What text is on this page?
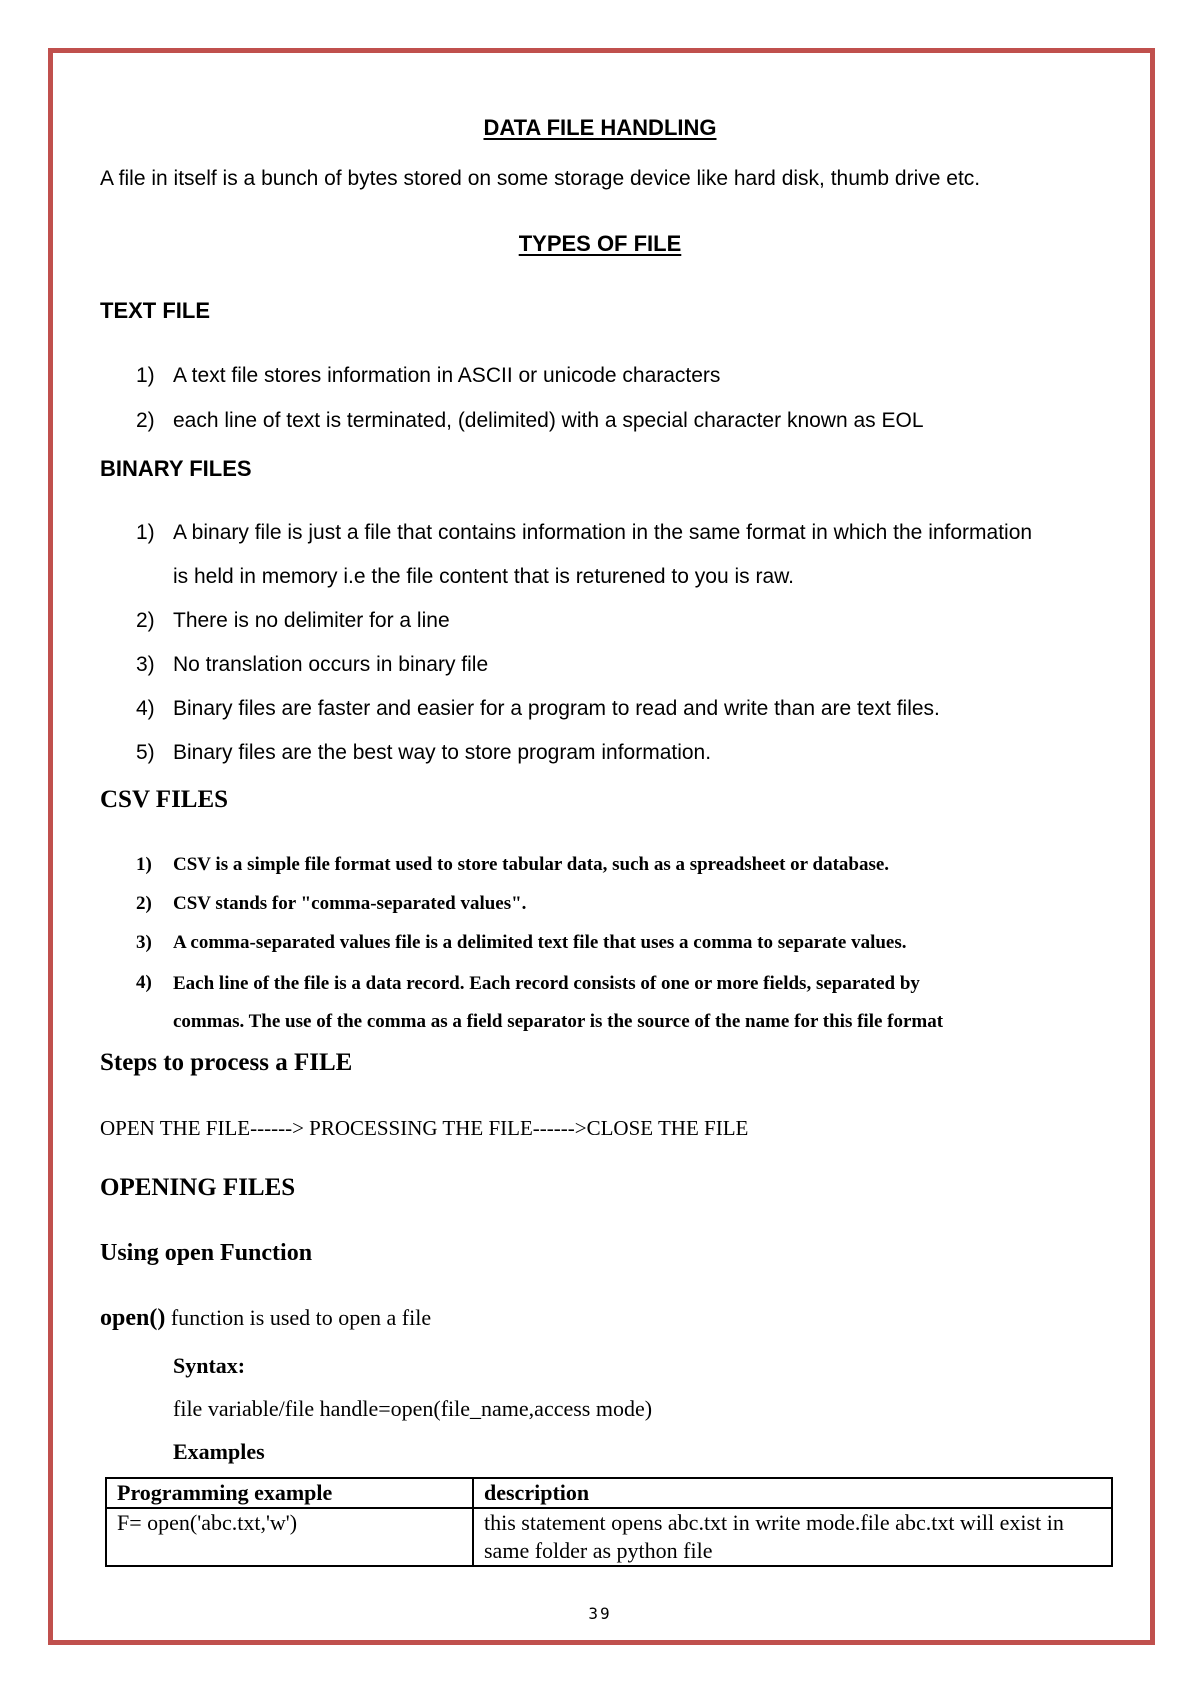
DATA FILE HANDLING
A file in itself is a bunch of bytes stored on some storage device like hard disk, thumb drive etc.
TYPES OF FILE
TEXT FILE
1) A text file stores information in ASCII or unicode characters
2) each line of text is terminated, (delimited) with a special character known as EOL
BINARY FILES
1) A binary file is just a file that contains information in the same format in which the information
is held in memory i.e the file content that is returened to you is raw.
2) There is no delimiter for a line
3) No translation occurs in binary file
4) Binary files are faster and easier for a program to read and write than are text files.
5) Binary files are the best way to store program information.
CSV FILES
1) CSV is a simple file format used to store tabular data, such as a spreadsheet or database.
2) CSV stands for "comma-separated values".
3) A comma-separated values file is a delimited text file that uses a comma to separate values.
4) Each line of the file is a data record. Each record consists of one or more fields, separated by
commas. The use of the comma as a field separator is the source of the name for this file format
Steps to process a FILE
OPEN THE FILE------> PROCESSING THE FILE------>CLOSE THE FILE
OPENING FILES
Using open Function
open() function is used to open a file
Syntax:
file variable/file handle=open(file_name,access mode)
Examples
Programming example	description
F= open('abc.txt,'w')	this statement opens abc.txt in write mode.file abc.txt will exist in same folder as python file
39
